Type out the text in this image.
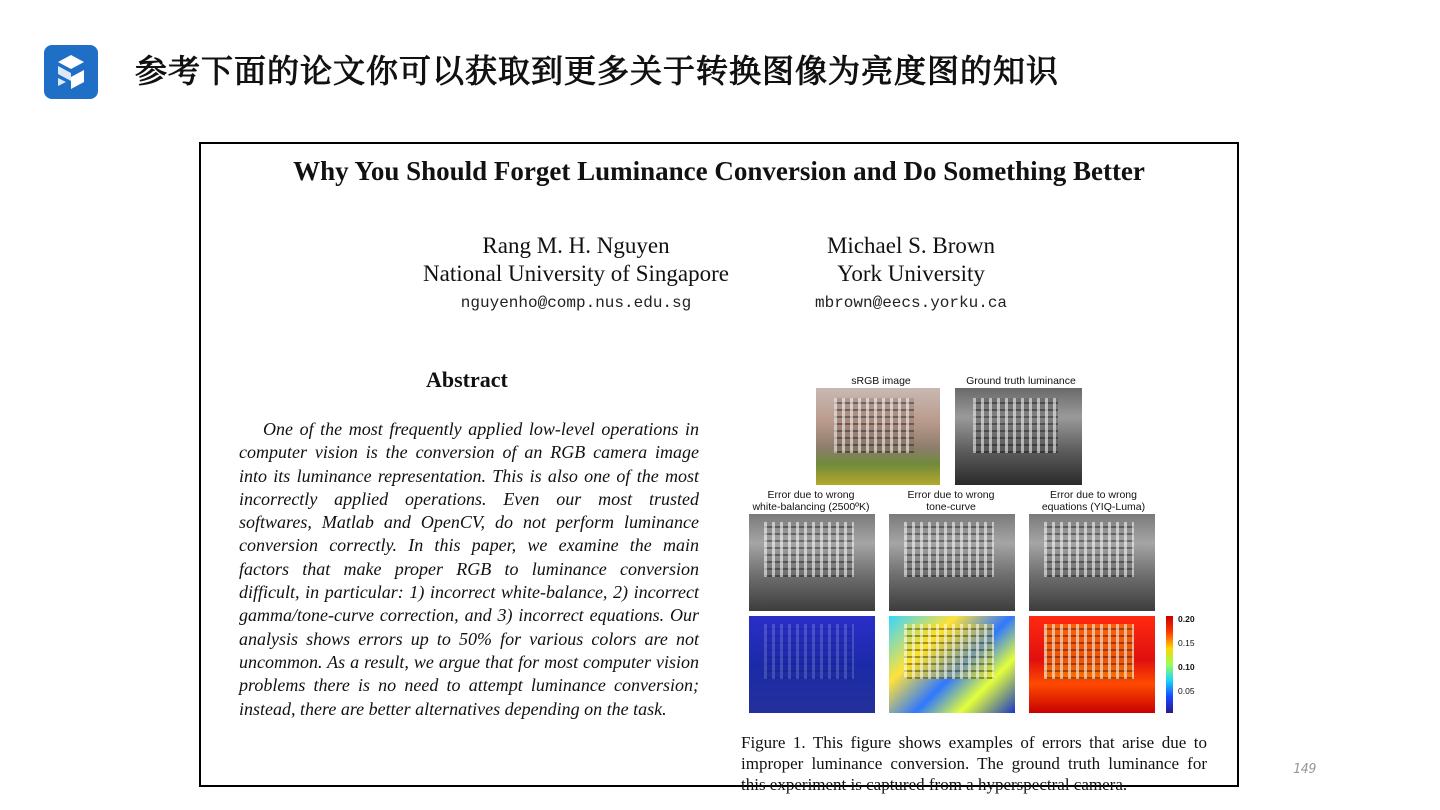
参考下面的论文你可以获取到更多关于转换图像为亮度图的知识
Why You Should Forget Luminance Conversion and Do Something Better
Rang M. H. Nguyen
National University of Singapore
nguyenho@comp.nus.edu.sg
Michael S. Brown
York University
mbrown@eecs.yorku.ca
Abstract
One of the most frequently applied low-level operations in computer vision is the conversion of an RGB camera image into its luminance representation. This is also one of the most incorrectly applied operations. Even our most trusted softwares, Matlab and OpenCV, do not perform luminance conversion correctly. In this paper, we examine the main factors that make proper RGB to luminance conversion difficult, in particular: 1) incorrect white-balance, 2) incorrect gamma/tone-curve correction, and 3) incorrect equations. Our analysis shows errors up to 50% for various colors are not uncommon. As a result, we argue that for most computer vision problems there is no need to attempt luminance conversion; instead, there are better alternatives depending on the task.
sRGB image	Ground truth luminance
Error due to wrong
white-balancing (2500ºK)
Error due to wrong
tone-curve
Error due to wrong
equations (YIQ-Luma)
0.20
0.15
0.10
0.05
Figure 1. This figure shows examples of errors that arise due to improper luminance conversion. The ground truth luminance for this experiment is captured from a hyperspectral camera.
149
